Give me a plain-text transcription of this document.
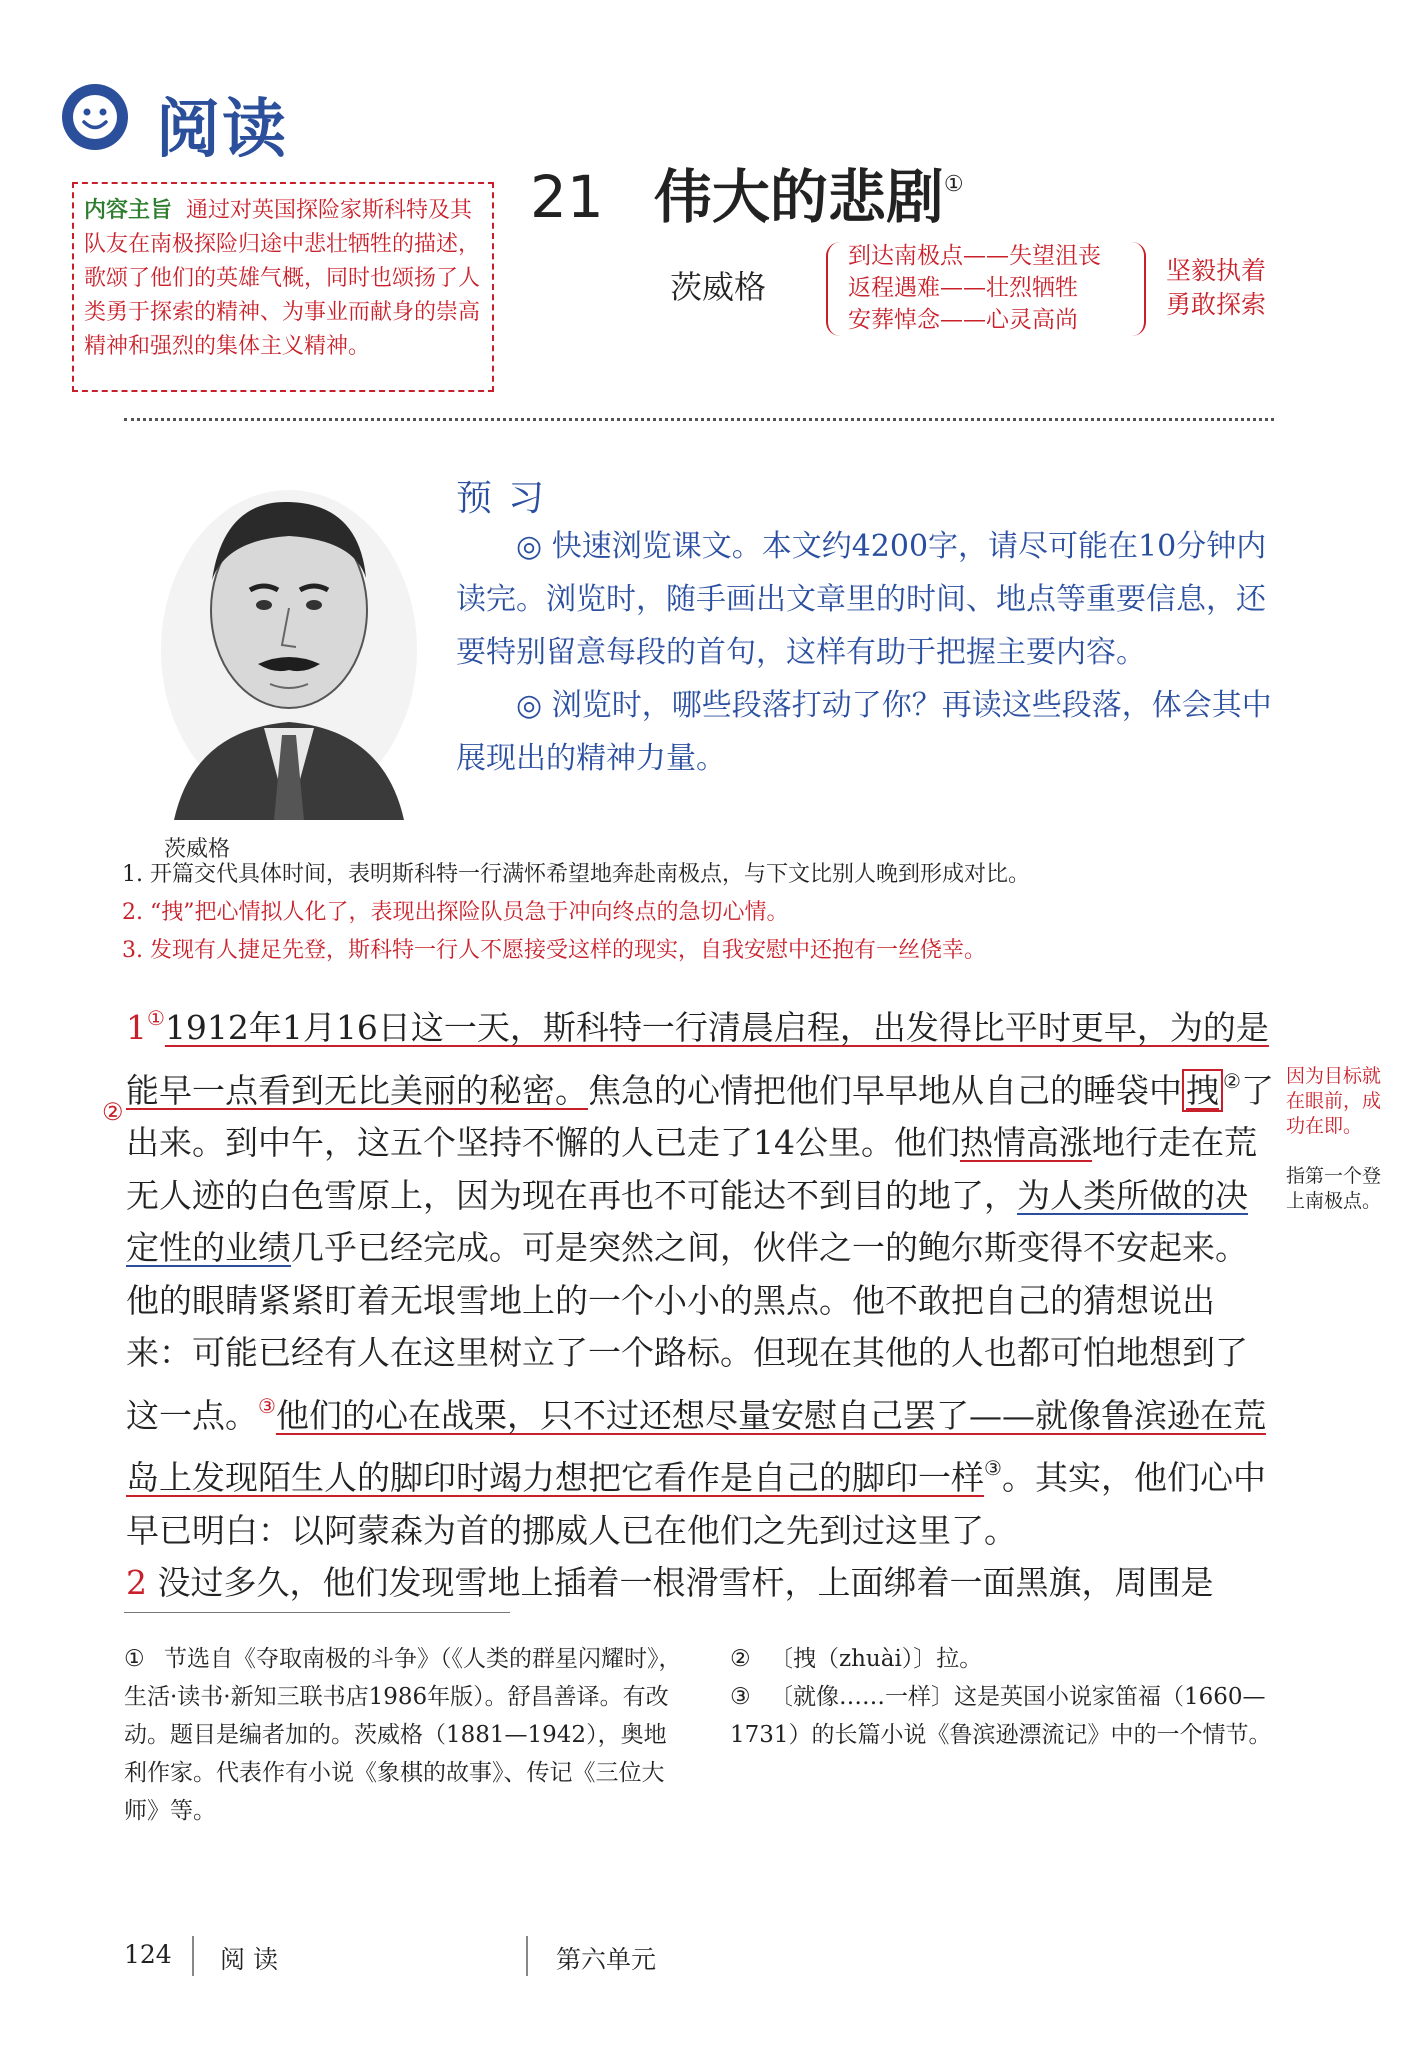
阅读
内容主旨 通过对英国探险家斯科特及其队友在南极探险归途中悲壮牺牲的描述，歌颂了他们的英雄气概，同时也颂扬了人类勇于探索的精神、为事业而献身的崇高精神和强烈的集体主义精神。
21 伟大的悲剧①
茨威格
到达南极点——失望沮丧
返程遇难——壮烈牺牲
安葬悼念——心灵高尚
坚毅执着
勇敢探索
茨威格
预习

◎ 快速浏览课文。本文约4200字，请尽可能在10分钟内读完。浏览时，随手画出文章里的时间、地点等重要信息，还要特别留意每段的首句，这样有助于把握主要内容。

◎ 浏览时，哪些段落打动了你？再读这些段落，体会其中展现出的精神力量。

1. 开篇交代具体时间，表明斯科特一行满怀希望地奔赴南极点，与下文比别人晚到形成对比。
2. “拽”把心情拟人化了，表现出探险队员急于冲向终点的急切心情。
3. 发现有人捷足先登，斯科特一行人不愿接受这样的现实，自我安慰中还抱有一丝侥幸。
②
1①1912年1月16日这一天，斯科特一行清晨启程，出发得比平时更早，为的是能早一点看到无比美丽的秘密。焦急的心情把他们早早地从自己的睡袋中 拽 ②了出来。到中午，这五个坚持不懈的人已走了14公里。他们热情高涨地行走在荒无人迹的白色雪原上，因为现在再也不可能达不到目的地了，为人类所做的决定性的业绩几乎已经完成。可是突然之间，伙伴之一的鲍尔斯变得不安起来。他的眼睛紧紧盯着无垠雪地上的一个小小的黑点。他不敢把自己的猜想说出来：可能已经有人在这里树立了一个路标。但现在其他的人也都可怕地想到了这一点。③他们的心在战栗，只不过还想尽量安慰自己罢了——就像鲁滨逊在荒岛上发现陌生人的脚印时竭力想把它看作是自己的脚印一样③。其实，他们心中早已明白：以阿蒙森为首的挪威人已在他们之先到过这里了。
2 没过多久，他们发现雪地上插着一根滑雪杆，上面绑着一面黑旗，周围是
因为目标就在眼前，成功在即。
指第一个登上南极点。
① 节选自《夺取南极的斗争》（《人类的群星闪耀时》，生活·读书·新知三联书店1986年版）。舒昌善译。有改动。题目是编者加的。茨威格（1881—1942），奥地利作家。代表作有小说《象棋的故事》、传记《三位大师》等。
② 〔拽（zhuài）〕拉。
③ 〔就像……一样〕这是英国小说家笛福（1660—1731）的长篇小说《鲁滨逊漂流记》中的一个情节。
124 阅读	第六单元
